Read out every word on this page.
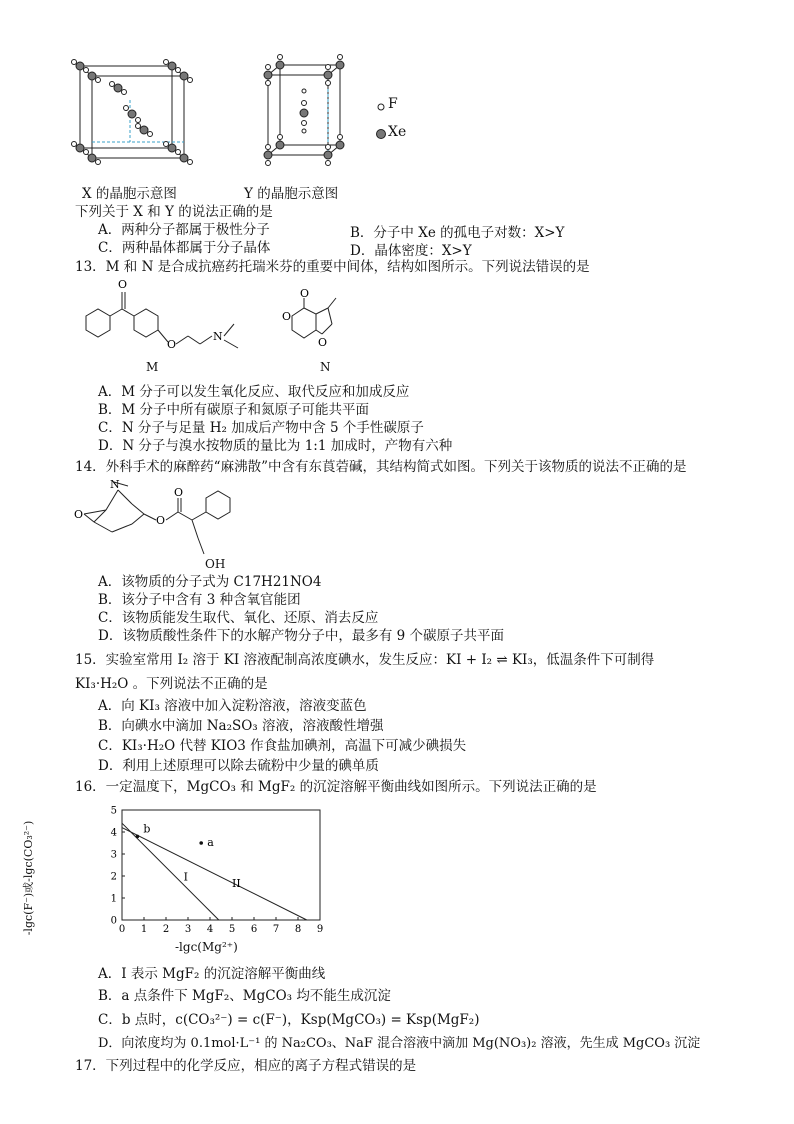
F
Xe
X 的晶胞示意图	Y 的晶胞示意图
下列关于 X 和 Y 的说法正确的是
A．两种分子都属于极性分子	B．分子中 Xe 的孤电子对数：X>Y
C．两种晶体都属于分子晶体	D．晶体密度：X>Y
13．M 和 N 是合成抗癌药托瑞米芬的重要中间体，结构如图所示。下列说法错误的是
O
O
N
O
O
O
M	N
A．M 分子可以发生氧化反应、取代反应和加成反应
B．M 分子中所有碳原子和氮原子可能共平面
C．N 分子与足量 H₂ 加成后产物中含 5 个手性碳原子
D．N 分子与溴水按物质的量比为 1:1 加成时，产物有六种
14．外科手术的麻醉药“麻沸散”中含有东莨菪碱，其结构简式如图。下列关于该物质的说法不正确的是
N
O	O
O
OH
A．该物质的分子式为 C17H21NO4
B．该分子中含有 3 种含氧官能团
C．该物质能发生取代、氧化、还原、消去反应
D．该物质酸性条件下的水解产物分子中，最多有 9 个碳原子共平面
15．实验室常用 I₂ 溶于 KI 溶液配制高浓度碘水，发生反应：KI + I₂ ⇌ KI₃，低温条件下可制得
KI₃·H₂O 。下列说法不正确的是
A．向 KI₃ 溶液中加入淀粉溶液，溶液变蓝色
B．向碘水中滴加 Na₂SO₃ 溶液，溶液酸性增强
C．KI₃·H₂O 代替 KIO3 作食盐加碘剂，高温下可减少碘损失
D．利用上述原理可以除去硫粉中少量的碘单质
16．一定温度下，MgCO₃ 和 MgF₂ 的沉淀溶解平衡曲线如图所示。下列说法正确的是
0 1 2 3 4 5 6 7 8 9
0
1
2
3
4
5
I
II
a
b
-lgc(Mg²⁺)
-lgc(F⁻)或-lgc(CO₃²⁻)
A．I 表示 MgF₂ 的沉淀溶解平衡曲线
B．a 点条件下 MgF₂、MgCO₃ 均不能生成沉淀
C．b 点时，c(CO₃²⁻) = c(F⁻)，Ksp(MgCO₃) = Ksp(MgF₂)
D．向浓度均为 0.1mol·L⁻¹ 的 Na₂CO₃、NaF 混合溶液中滴加 Mg(NO₃)₂ 溶液，先生成 MgCO₃ 沉淀
17．下列过程中的化学反应，相应的离子方程式错误的是
